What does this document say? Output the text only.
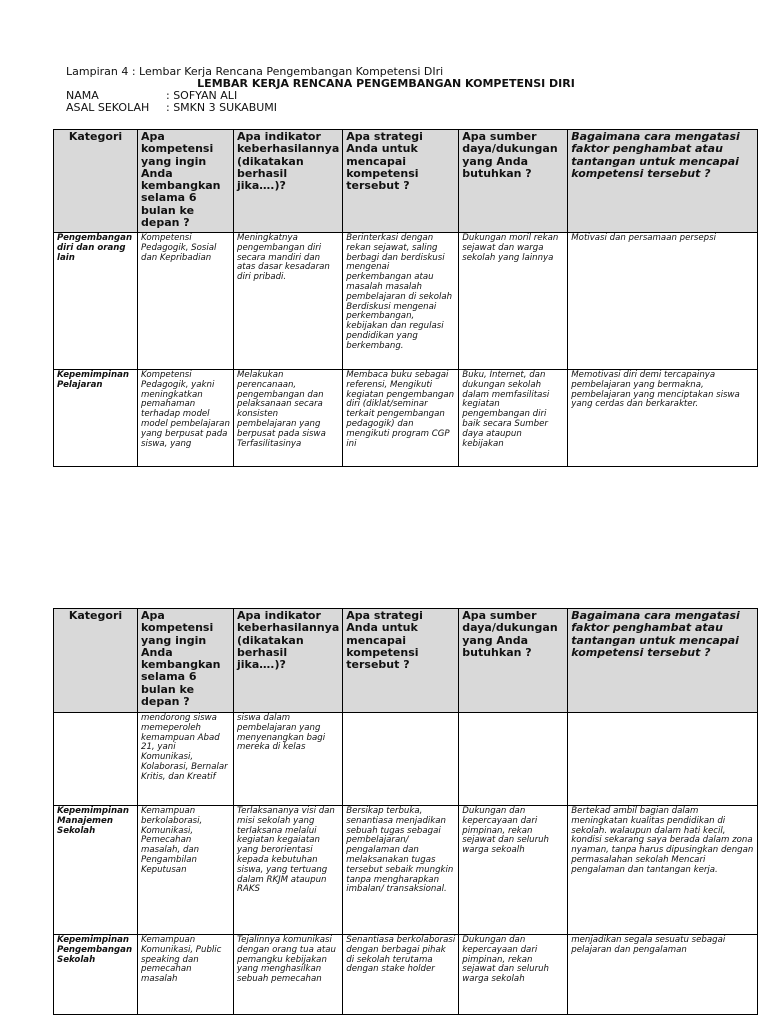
Lampiran 4 : Lembar Kerja Rencana Pengembangan Kompetensi DIri
LEMBAR KERJA RENCANA PENGEMBANGAN KOMPETENSI DIRI
NAMA	: SOFYAN ALI
ASAL SEKOLAH	: SMKN 3 SUKABUMI
Kategori	Apa kompetensi yang ingin Anda kembangkan selama 6 bulan ke depan ?	Apa indikator keberhasilannya (dikatakan berhasil jika….)?	Apa strategi Anda untuk mencapai kompetensi tersebut ?	Apa sumber daya/dukungan yang Anda butuhkan ?	Bagaimana cara mengatasi faktor penghambat atau tantangan untuk mencapai kompetensi tersebut ?
Pengembangan diri dan orang lain	Kompetensi Pedagogik, Sosial dan Kepribadian	Meningkatnya pengembangan diri secara mandiri dan atas dasar kesadaran diri pribadi.	Berinterkasi dengan rekan sejawat, saling berbagi dan berdiskusi mengenai perkembangan atau masalah masalah pembelajaran di sekolah Berdiskusi mengenai perkembangan, kebijakan dan regulasi pendidikan yang berkembang.	Dukungan moril rekan sejawat dan warga sekolah yang lainnya	Motivasi dan persamaan persepsi
Kepemimpinan Pelajaran	Kompetensi Pedagogik, yakni meningkatkan pemahaman terhadap model model pembelajaran yang berpusat pada siswa, yang	Melakukan perencanaan, pengembangan dan pelaksanaan secara konsisten pembelajaran yang berpusat pada siswa Terfasilitasinya	Membaca buku sebagai referensi, Mengikuti kegiatan pengembangan diri (diklat/seminar terkait pengembangan pedagogik) dan mengikuti program CGP ini	Buku, Internet, dan dukungan sekolah dalam memfasilitasi kegiatan pengembangan diri baik secara Sumber daya ataupun kebijakan	Memotivasi diri demi tercapainya pembelajaran yang bermakna, pembelajaran yang menciptakan siswa yang cerdas dan berkarakter.
Kategori	Apa kompetensi yang ingin Anda kembangkan selama 6 bulan ke depan ?	Apa indikator keberhasilannya (dikatakan berhasil jika….)?	Apa strategi Anda untuk mencapai kompetensi tersebut ?	Apa sumber daya/dukungan yang Anda butuhkan ?	Bagaimana cara mengatasi faktor penghambat atau tantangan untuk mencapai kompetensi tersebut ?
	mendorong siswa memeperoleh kemampuan Abad 21, yani Komunikasi, Kolaborasi, Bernalar Kritis, dan Kreatif	siswa dalam pembelajaran yang menyenangkan bagi mereka di kelas			
Kepemimpinan Manajemen Sekolah	Kemampuan berkolaborasi, Komunikasi, Pemecahan masalah, dan Pengambilan Keputusan	Terlaksananya visi dan misi sekolah yang terlaksana melalui kegiatan kegaiatan yang berorientasi kepada kebutuhan siswa, yang tertuang dalam RKJM ataupun RAKS	Bersikap terbuka, senantiasa menjadikan sebuah tugas sebagai pembelajaran/ pengalaman dan melaksanakan tugas tersebut sebaik mungkin tanpa mengharapkan imbalan/ transaksional.	Dukungan dan kepercayaan dari pimpinan, rekan sejawat dan seluruh warga sekoalh	Bertekad ambil bagian dalam meningkatan kualitas pendidikan di sekolah. walaupun dalam hati kecil, kondisi sekarang saya berada dalam zona nyaman, tanpa harus dipusingkan dengan permasalahan sekolah Mencari pengalaman dan tantangan kerja.
Kepemimpinan Pengembangan Sekolah	Kemampuan Komunikasi, Public speaking dan pemecahan masalah	Tejalinnya komunikasi dengan orang tua atau pemangku kebijakan yang menghasilkan sebuah pemecahan	Senantiasa berkolaborasi dengan berbagai pihak di sekolah terutama dengan stake holder	Dukungan dan kepercayaan dari pimpinan, rekan sejawat dan seluruh warga sekolah	menjadikan segala sesuatu sebagai pelajaran dan pengalaman
